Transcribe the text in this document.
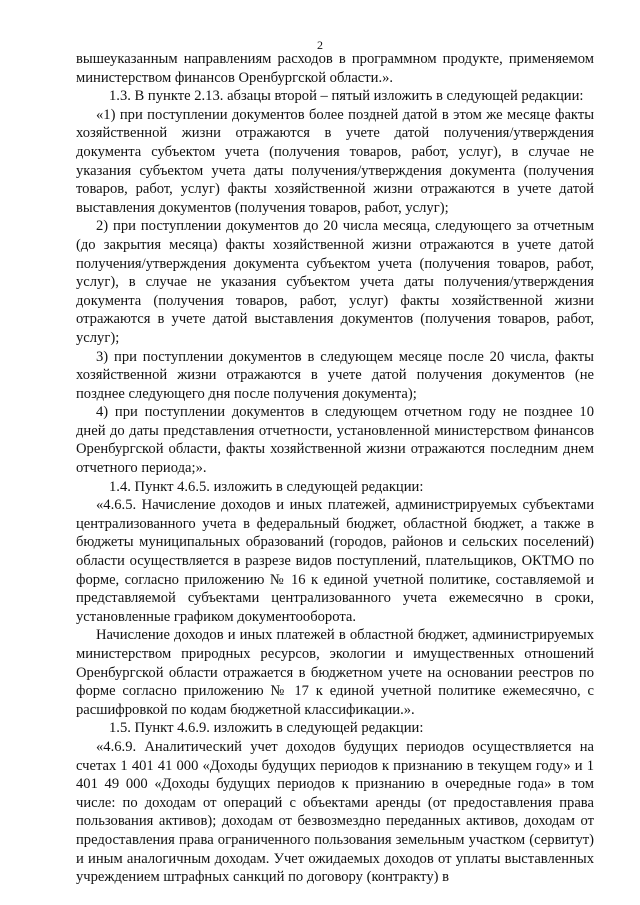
2

вышеуказанным направлениям расходов в программном продукте, применяемом министерством финансов Оренбургской области.».

1.3. В пункте 2.13. абзацы второй – пятый изложить в следующей редакции:

«1) при поступлении документов более поздней датой в этом же месяце факты хозяйственной жизни отражаются в учете датой получения/утверждения документа субъектом учета (получения товаров, работ, услуг), в случае не указания субъектом учета даты получения/утверждения документа (получения товаров, работ, услуг) факты хозяйственной жизни отражаются в учете датой выставления документов (получения товаров, работ, услуг);

2) при поступлении документов до 20 числа месяца, следующего за отчетным (до закрытия месяца) факты хозяйственной жизни отражаются в учете датой получения/утверждения документа субъектом учета (получения товаров, работ, услуг), в случае не указания субъектом учета даты получения/утверждения документа (получения товаров, работ, услуг) факты хозяйственной жизни отражаются в учете датой выставления документов (получения товаров, работ, услуг);

3) при поступлении документов в следующем месяце после 20 числа, факты хозяйственной жизни отражаются в учете датой получения документов (не позднее следующего дня после получения документа);

4) при поступлении документов в следующем отчетном году не позднее 10 дней до даты представления отчетности, установленной министерством финансов Оренбургской области, факты хозяйственной жизни отражаются последним днем отчетного периода;».

1.4. Пункт 4.6.5. изложить в следующей редакции:

«4.6.5. Начисление доходов и иных платежей, администрируемых субъектами централизованного учета в федеральный бюджет, областной бюджет, а также в бюджеты муниципальных образований (городов, районов и сельских поселений) области осуществляется в разрезе видов поступлений, плательщиков, ОКТМО по форме, согласно приложению № 16 к единой учетной политике, составляемой и представляемой субъектами централизованного учета ежемесячно в сроки, установленные графиком документооборота.

Начисление доходов и иных платежей в областной бюджет, администрируемых министерством природных ресурсов, экологии и имущественных отношений Оренбургской области отражается в бюджетном учете на основании реестров по форме согласно приложению № 17 к единой учетной политике ежемесячно, с расшифровкой по кодам бюджетной классификации.».

1.5. Пункт 4.6.9. изложить в следующей редакции:

«4.6.9. Аналитический учет доходов будущих периодов осуществляется на счетах 1 401 41 000 «Доходы будущих периодов к признанию в текущем году» и 1 401 49 000 «Доходы будущих периодов к признанию в очередные года» в том числе: по доходам от операций с объектами аренды (от предоставления права пользования активов); доходам от безвозмездно переданных активов, доходам от предоставления права ограниченного пользования земельным участком (сервитут) и иным аналогичным доходам. Учет ожидаемых доходов от уплаты выставленных учреждением штрафных санкций по договору (контракту) в
